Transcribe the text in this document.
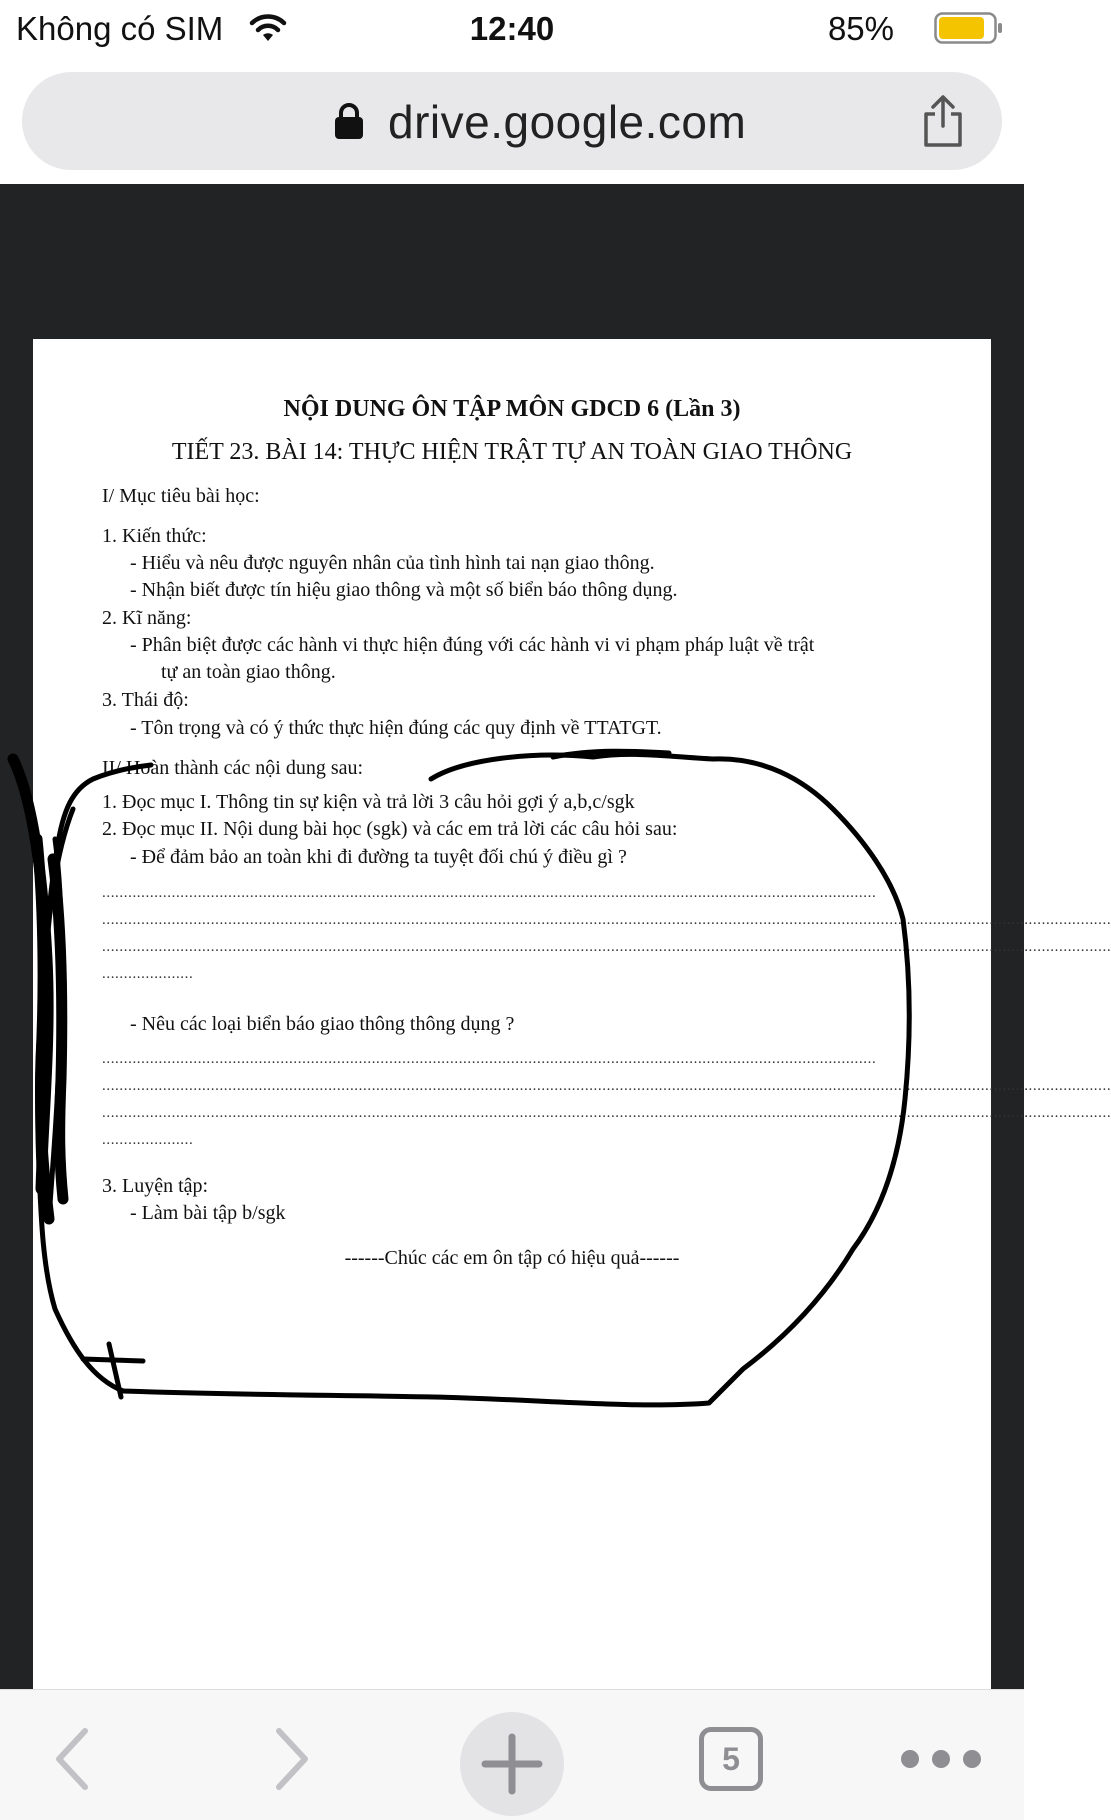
Không có SIM	12:40	85%
drive.google.com
NỘI DUNG ÔN TẬP MÔN GDCD 6 (Lần 3)
TIẾT 23. BÀI 14: THỰC HIỆN TRẬT TỰ AN TOÀN GIAO THÔNG
I/ Mục tiêu bài học:
1. Kiến thức:
- Hiểu và nêu được nguyên nhân của tình hình tai nạn giao thông.
- Nhận biết được tín hiệu giao thông và một số biển báo thông dụng.
2. Kĩ năng:
- Phân biệt được các hành vi thực hiện đúng với các hành vi vi phạm pháp luật về trật
tự an toàn giao thông.
3. Thái độ:
- Tôn trọng và có ý thức thực hiện đúng các quy định về TTATGT.
II/ Hoàn thành các nội dung sau:
1. Đọc mục I. Thông tin sự kiện và trả lời 3 câu hỏi gợi ý a,b,c/sgk
2. Đọc mục II. Nội dung bài học (sgk) và các em trả lời các câu hỏi sau:
- Để đảm bảo an toàn khi đi đường ta tuyệt đối chú ý điều gì ?
..................................................................................................................................................................................
........................................................................................................................................................................................................................................
........................................................................................................................................................................................................................................
.....................
- Nêu các loại biển báo giao thông thông dụng ?
..................................................................................................................................................................................
........................................................................................................................................................................................................................................
........................................................................................................................................................................................................................................
.....................
3. Luyện tập:
- Làm bài tập b/sgk
------Chúc các em ôn tập có hiệu quả------
5
